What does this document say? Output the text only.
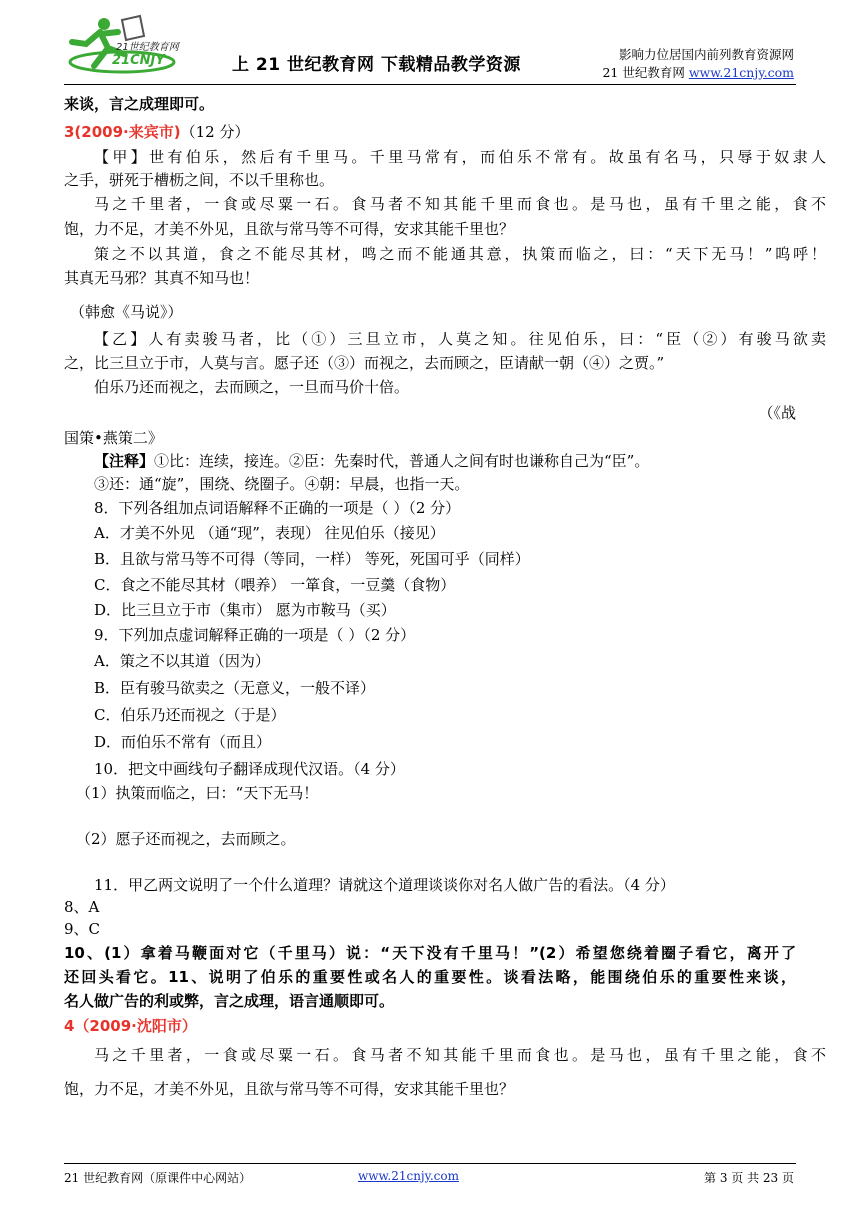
21世纪教育网
21CNJY	上 21 世纪教育网 下载精品教学资源
影响力位居国内前列教育资源网
21 世纪教育网 www.21cnjy.com
来谈，言之成理即可。
3(2009·来宾市)（12 分）
【甲】世有伯乐，然后有千里马。千里马常有，而伯乐不常有。故虽有名马，只辱于奴隶人
之手，骈死于槽枥之间，不以千里称也。
马之千里者，一食或尽粟一石。食马者不知其能千里而食也。是马也，虽有千里之能，食不
饱，力不足，才美不外见，且欲与常马等不可得，安求其能千里也？
策之不以其道，食之不能尽其材，鸣之而不能通其意，执策而临之，曰：“天下无马！”呜呼！
其真无马邪？其真不知马也！
（韩愈《马说》）
【乙】人有卖骏马者，比（①）三旦立市，人莫之知。往见伯乐，曰：“臣（②）有骏马欲卖
之，比三旦立于市，人莫与言。愿子还（③）而视之，去而顾之，臣请献一朝（④）之贾。”
伯乐乃还而视之，去而顾之，一旦而马价十倍。
（《战
国策•燕策二》
【注释】①比：连续，接连。②臣：先秦时代，普通人之间有时也谦称自己为“臣”。
③还：通“旋”，围绕、绕圈子。④朝：早晨，也指一天。
8．下列各组加点词语解释不正确的一项是（ ）（2 分）
A．才美不外见 （通“现”，表现） 往见伯乐（接见）
B．且欲与常马等不可得（等同，一样） 等死，死国可乎（同样）
C．食之不能尽其材（喂养） 一箪食，一豆羹（食物）
D．比三旦立于市（集市） 愿为市鞍马（买）
9．下列加点虚词解释正确的一项是（ ）（2 分）
A．策之不以其道（因为）
B．臣有骏马欲卖之（无意义，一般不译）
C．伯乐乃还而视之（于是）
D．而伯乐不常有（而且）
10．把文中画线句子翻译成现代汉语。（4 分）
（1）执策而临之，曰：“天下无马！
（2）愿子还而视之，去而顾之。
11．甲乙两文说明了一个什么道理？请就这个道理谈谈你对名人做广告的看法。（4 分）
8、A
9、C
10、(1）拿着马鞭面对它（千里马）说：“天下没有千里马！”(2）希望您绕着圈子看它，离开了
还回头看它。11、说明了伯乐的重要性或名人的重要性。谈看法略，能围绕伯乐的重要性来谈，
名人做广告的利或弊，言之成理，语言通顺即可。
4（2009·沈阳市）
马之千里者，一食或尽粟一石。食马者不知其能千里而食也。是马也，虽有千里之能，食不
饱，力不足，才美不外见，且欲与常马等不可得，安求其能千里也？
21 世纪教育网（原课件中心网站）	www.21cnjy.com	第 3 页 共 23 页
